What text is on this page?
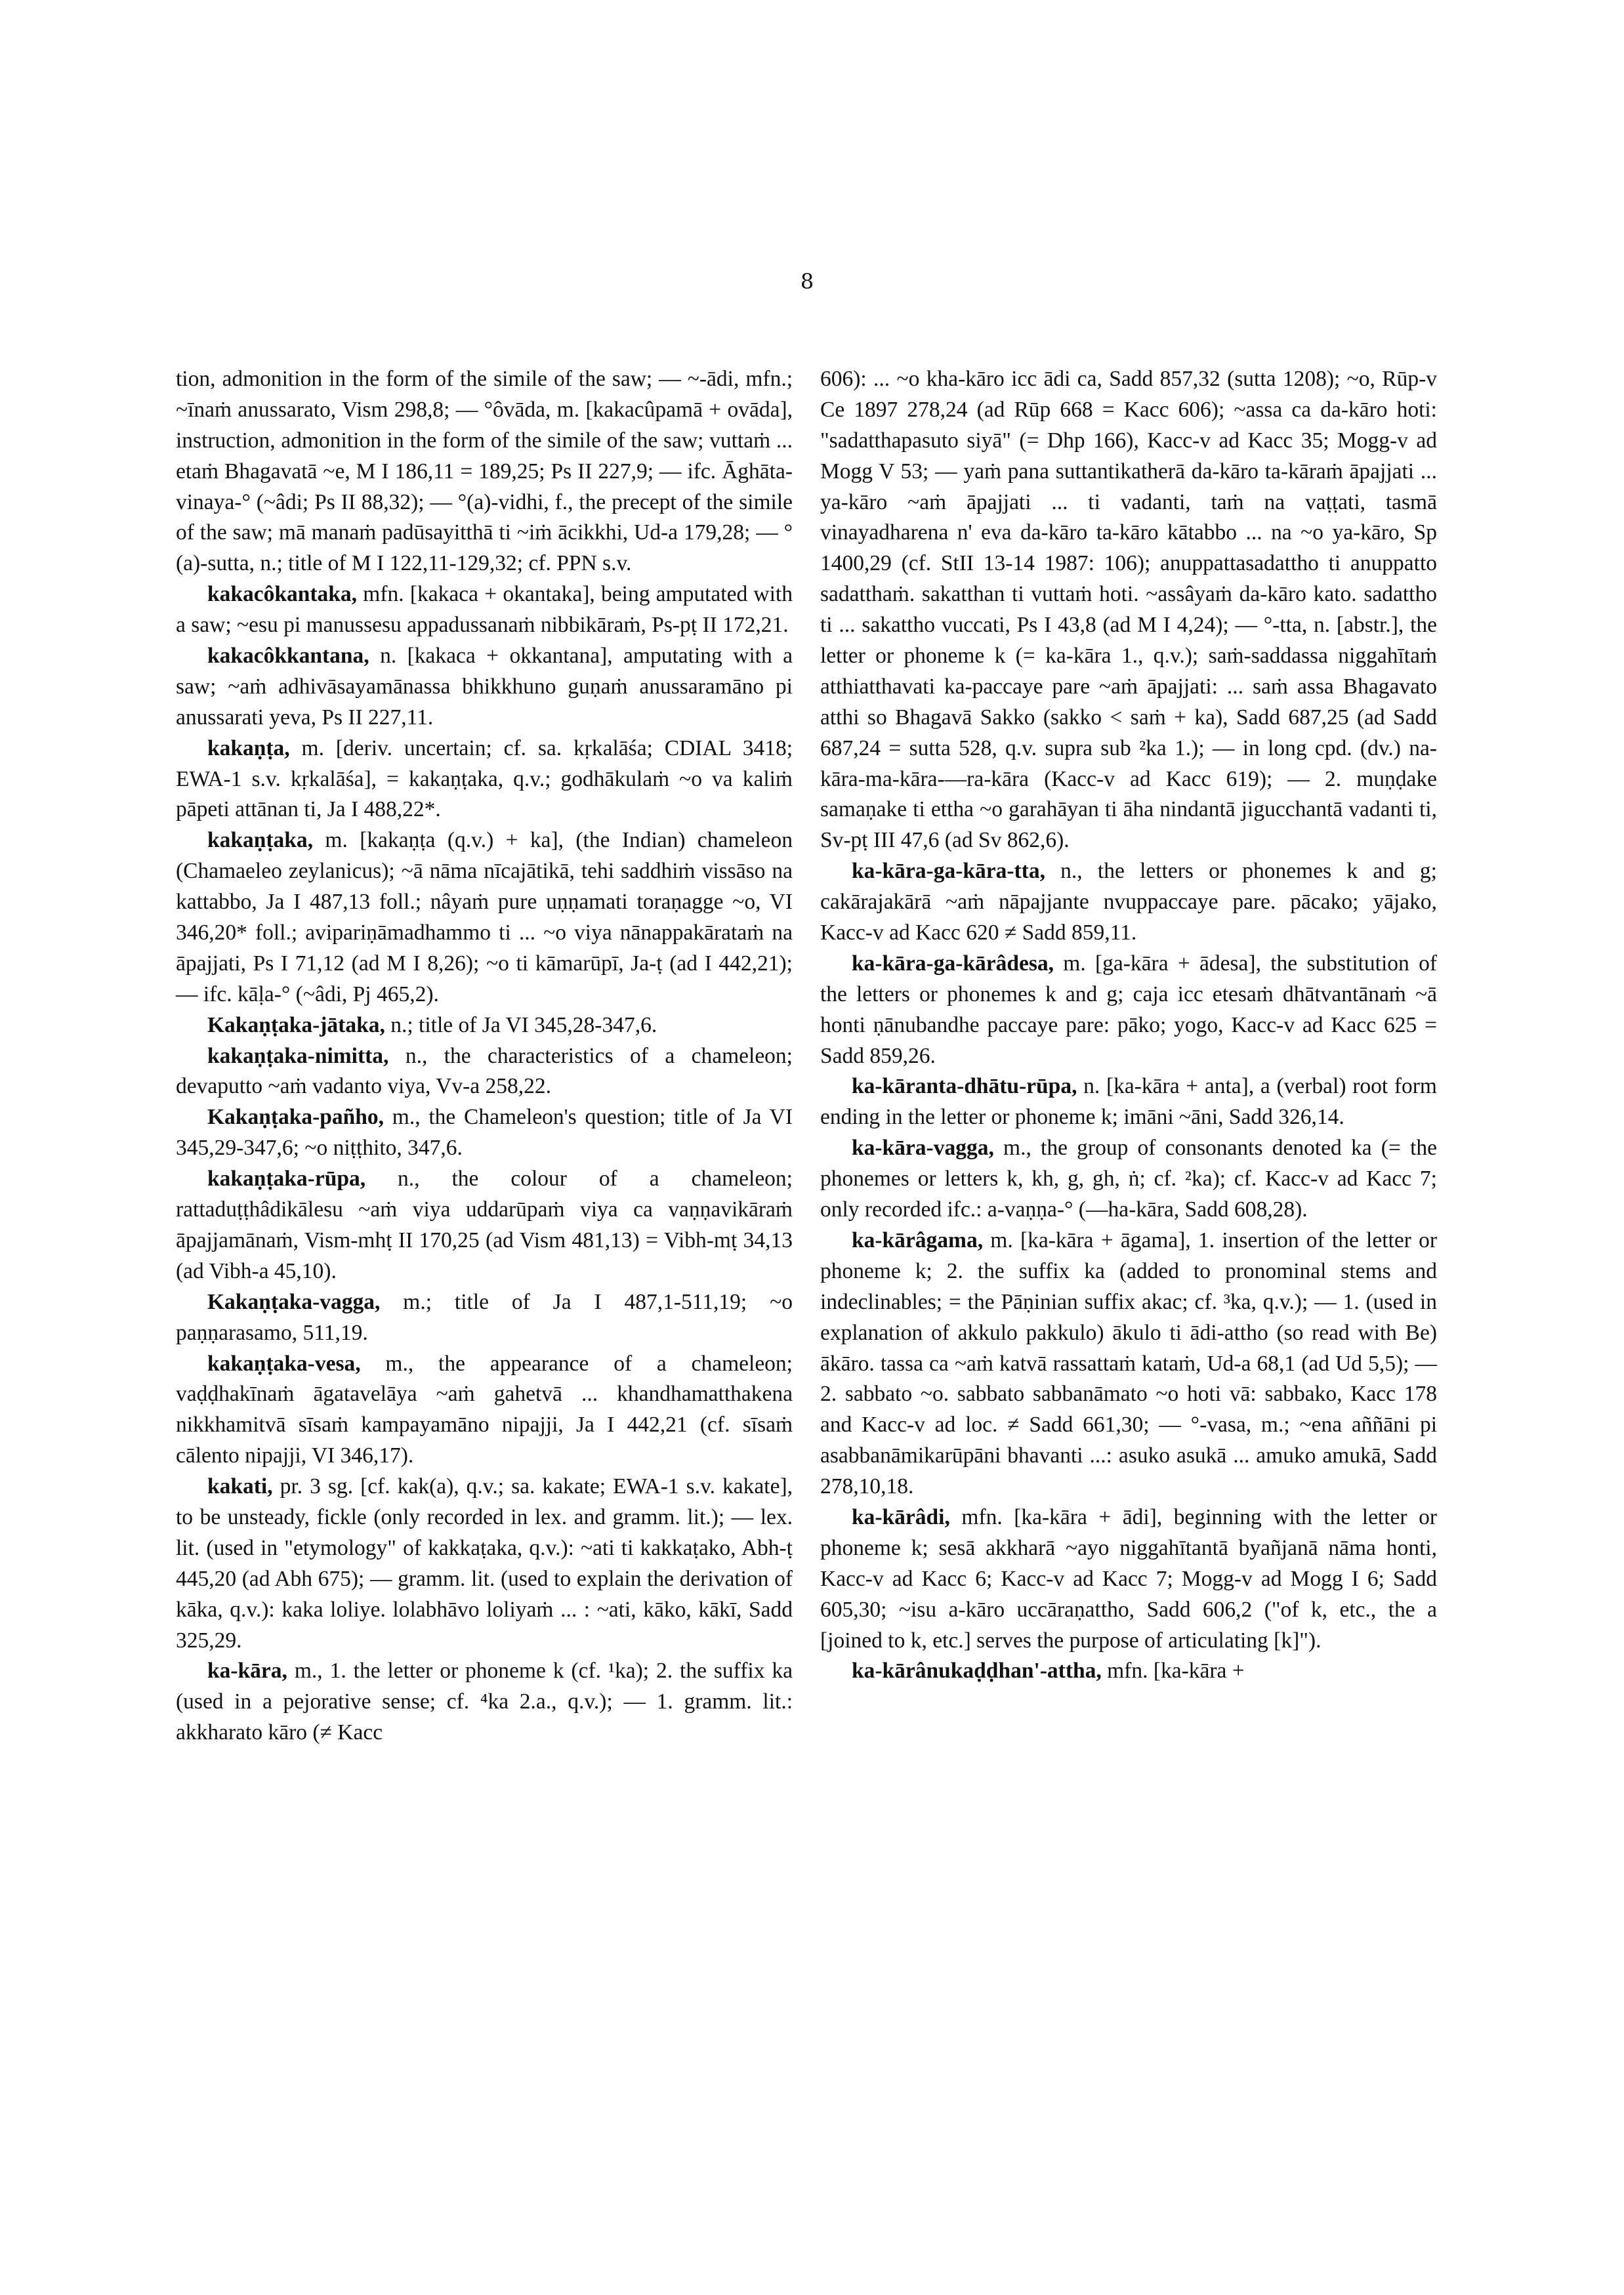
8

tion, admonition in the form of the simile of the saw; — ~-ādi, mfn.; ~īnaṁ anussarato, Vism 298,8; — °ôvāda, m. [kakacûpamā + ovāda], instruction, admonition in the form of the simile of the saw; vuttaṁ ... etaṁ Bhagavatā ~e, M I 186,11 = 189,25; Ps II 227,9; — ifc. Āghāta-vinaya-° (~âdi; Ps II 88,32); — °(a)-vidhi, f., the precept of the simile of the saw; mā manaṁ padūsayitthā ti ~iṁ ācikkhi, Ud-a 179,28; — °(a)-sutta, n.; title of M I 122,11-129,32; cf. PPN s.v.

kakacôkantaka, mfn. [kakaca + okantaka], being amputated with a saw; ~esu pi manussesu appadussanaṁ nibbikāraṁ, Ps-pṭ II 172,21.

kakacôkkantana, n. [kakaca + okkantana], amputating with a saw; ~aṁ adhivāsayamānassa bhikkhuno guṇaṁ anussaramāno pi anussarati yeva, Ps II 227,11.

kakaṇṭa, m. [deriv. uncertain; cf. sa. kṛkalāśa; CDIAL 3418; EWA-1 s.v. kṛkalāśa], = kakaṇṭaka, q.v.; godhākulaṁ ~o va kaliṁ pāpeti attānan ti, Ja I 488,22*.

kakaṇṭaka, m. [kakaṇṭa (q.v.) + ka], (the Indian) chameleon (Chamaeleo zeylanicus); ~ā nāma nīcajātikā, tehi saddhiṁ vissāso na kattabbo, Ja I 487,13 foll.; nâyaṁ pure uṇṇamati toraṇagge ~o, VI 346,20* foll.; avipariṇāmadhammo ti ... ~o viya nānappakārataṁ na āpajjati, Ps I 71,12 (ad M I 8,26); ~o ti kāmarūpī, Ja-ṭ (ad I 442,21); — ifc. kāḷa-° (~âdi, Pj 465,2).

Kakaṇṭaka-jātaka, n.; title of Ja VI 345,28-347,6.

kakaṇṭaka-nimitta, n., the characteristics of a chameleon; devaputto ~aṁ vadanto viya, Vv-a 258,22.

Kakaṇṭaka-pañho, m., the Chameleon's question; title of Ja VI 345,29-347,6; ~o niṭṭhito, 347,6.

kakaṇṭaka-rūpa, n., the colour of a chameleon; rattaduṭṭhâdikālesu ~aṁ viya uddarūpaṁ viya ca vaṇṇavikāraṁ āpajjamānaṁ, Vism-mhṭ II 170,25 (ad Vism 481,13) = Vibh-mṭ 34,13 (ad Vibh-a 45,10).

Kakaṇṭaka-vagga, m.; title of Ja I 487,1-511,19; ~o paṇṇarasamo, 511,19.

kakaṇṭaka-vesa, m., the appearance of a chameleon; vaḍḍhakīnaṁ āgatavelāya ~aṁ gahetvā ... khandhamatthakena nikkhamitvā sīsaṁ kampayamāno nipajji, Ja I 442,21 (cf. sīsaṁ cālento nipajji, VI 346,17).

kakati, pr. 3 sg. [cf. kak(a), q.v.; sa. kakate; EWA-1 s.v. kakate], to be unsteady, fickle (only recorded in lex. and gramm. lit.); — lex. lit. (used in "etymology" of kakkaṭaka, q.v.): ~ati ti kakkaṭako, Abh-ṭ 445,20 (ad Abh 675); — gramm. lit. (used to explain the derivation of kāka, q.v.): kaka loliye. lolabhāvo loliyaṁ ... : ~ati, kāko, kākī, Sadd 325,29.

ka-kāra, m., 1. the letter or phoneme k (cf. ¹ka); 2. the suffix ka (used in a pejorative sense; cf. ⁴ka 2.a., q.v.); — 1. gramm. lit.: akkharato kāro (≠ Kacc

606): ... ~o kha-kāro icc ādi ca, Sadd 857,32 (sutta 1208); ~o, Rūp-v Ce 1897 278,24 (ad Rūp 668 = Kacc 606); ~assa ca da-kāro hoti: "sadatthapasuto siyā" (= Dhp 166), Kacc-v ad Kacc 35; Mogg-v ad Mogg V 53; — yaṁ pana suttantikatherā da-kāro ta-kāraṁ āpajjati ... ya-kāro ~aṁ āpajjati ... ti vadanti, taṁ na vaṭṭati, tasmā vinayadharena n' eva da-kāro ta-kāro kātabbo ... na ~o ya-kāro, Sp 1400,29 (cf. StII 13-14 1987: 106); anuppattasadattho ti anuppatto sadatthaṁ. sakatthan ti vuttaṁ hoti. ~assâyaṁ da-kāro kato. sadattho ti ... sakattho vuccati, Ps I 43,8 (ad M I 4,24); — °-tta, n. [abstr.], the letter or phoneme k (= ka-kāra 1., q.v.); saṁ-saddassa niggahītaṁ atthiatthavati ka-paccaye pare ~aṁ āpajjati: ... saṁ assa Bhagavato atthi so Bhagavā Sakko (sakko < saṁ + ka), Sadd 687,25 (ad Sadd 687,24 = sutta 528, q.v. supra sub ²ka 1.); — in long cpd. (dv.) na-kāra-ma-kāra-—ra-kāra (Kacc-v ad Kacc 619); — 2. muṇḍake samaṇake ti ettha ~o garahāyan ti āha nindantā jigucchantā vadanti ti, Sv-pṭ III 47,6 (ad Sv 862,6).

ka-kāra-ga-kāra-tta, n., the letters or phonemes k and g; cakārajakārā ~aṁ nāpajjante nvuppaccaye pare. pācako; yājako, Kacc-v ad Kacc 620 ≠ Sadd 859,11.

ka-kāra-ga-kārâdesa, m. [ga-kāra + ādesa], the substitution of the letters or phonemes k and g; caja icc etesaṁ dhātvantānaṁ ~ā honti ṇānubandhe paccaye pare: pāko; yogo, Kacc-v ad Kacc 625 = Sadd 859,26.

ka-kāranta-dhātu-rūpa, n. [ka-kāra + anta], a (verbal) root form ending in the letter or phoneme k; imāni ~āni, Sadd 326,14.

ka-kāra-vagga, m., the group of consonants denoted ka (= the phonemes or letters k, kh, g, gh, ṅ; cf. ²ka); cf. Kacc-v ad Kacc 7; only recorded ifc.: a-vaṇṇa-° (—ha-kāra, Sadd 608,28).

ka-kārâgama, m. [ka-kāra + āgama], 1. insertion of the letter or phoneme k; 2. the suffix ka (added to pronominal stems and indeclinables; = the Pāṇinian suffix akac; cf. ³ka, q.v.); — 1. (used in explanation of akkulo pakkulo) ākulo ti ādi-attho (so read with Be) ākāro. tassa ca ~aṁ katvā rassattaṁ kataṁ, Ud-a 68,1 (ad Ud 5,5); — 2. sabbato ~o. sabbato sabbanāmato ~o hoti vā: sabbako, Kacc 178 and Kacc-v ad loc. ≠ Sadd 661,30; — °-vasa, m.; ~ena aññāni pi asabbanāmikarūpāni bhavanti ...: asuko asukā ... amuko amukā, Sadd 278,10,18.

ka-kārâdi, mfn. [ka-kāra + ādi], beginning with the letter or phoneme k; sesā akkharā ~ayo niggahītantā byañjanā nāma honti, Kacc-v ad Kacc 6; Kacc-v ad Kacc 7; Mogg-v ad Mogg I 6; Sadd 605,30; ~isu a-kāro uccāraṇattho, Sadd 606,2 ("of k, etc., the a [joined to k, etc.] serves the purpose of articulating [k]").

ka-kārânukaḍḍhan'-attha, mfn. [ka-kāra +
